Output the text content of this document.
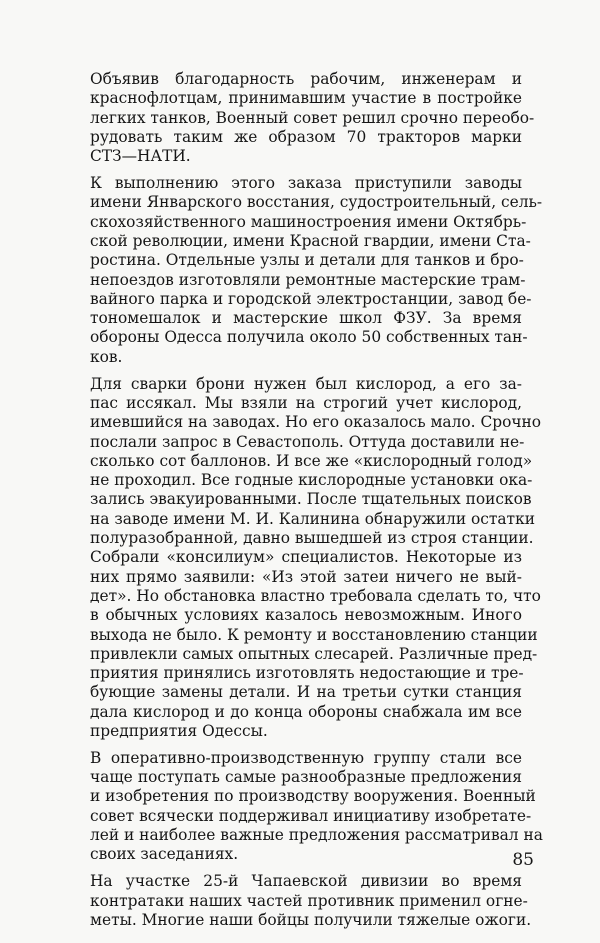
Объявив благодарность рабочим, инженерам и
краснофлотцам, принимавшим участие в постройке
легких танков, Военный совет решил срочно переобо-
рудовать таким же образом 70 тракторов марки
СТЗ—НАТИ.
К выполнению этого заказа приступили заводы
имени Январского восстания, судостроительный, сель-
скохозяйственного машиностроения имени Октябрь-
ской революции, имени Красной гвардии, имени Ста-
ростина. Отдельные узлы и детали для танков и бро-
непоездов изготовляли ремонтные мастерские трам-
вайного парка и городской электростанции, завод бе-
тономешалок и мастерские школ ФЗУ. За время
обороны Одесса получила около 50 собственных тан-
ков.
Для сварки брони нужен был кислород, а его за-
пас иссякал. Мы взяли на строгий учет кислород,
имевшийся на заводах. Но его оказалось мало. Срочно
послали запрос в Севастополь. Оттуда доставили не-
сколько сот баллонов. И все же «кислородный голод»
не проходил. Все годные кислородные установки ока-
зались эвакуированными. После тщательных поисков
на заводе имени М. И. Калинина обнаружили остатки
полуразобранной, давно вышедшей из строя станции.
Собрали «консилиум» специалистов. Некоторые из
них прямо заявили: «Из этой затеи ничего не вый-
дет». Но обстановка властно требовала сделать то, что
в обычных условиях казалось невозможным. Иного
выхода не было. К ремонту и восстановлению станции
привлекли самых опытных слесарей. Различные пред-
приятия принялись изготовлять недостающие и тре-
бующие замены детали. И на третьи сутки станция
дала кислород и до конца обороны снабжала им все
предприятия Одессы.
В оперативно-производственную группу стали все
чаще поступать самые разнообразные предложения
и изобретения по производству вооружения. Военный
совет всячески поддерживал инициативу изобретате-
лей и наиболее важные предложения рассматривал на
своих заседаниях.
На участке 25-й Чапаевской дивизии во время
контратаки наших частей противник применил огне-
меты. Многие наши бойцы получили тяжелые ожоги.
85
